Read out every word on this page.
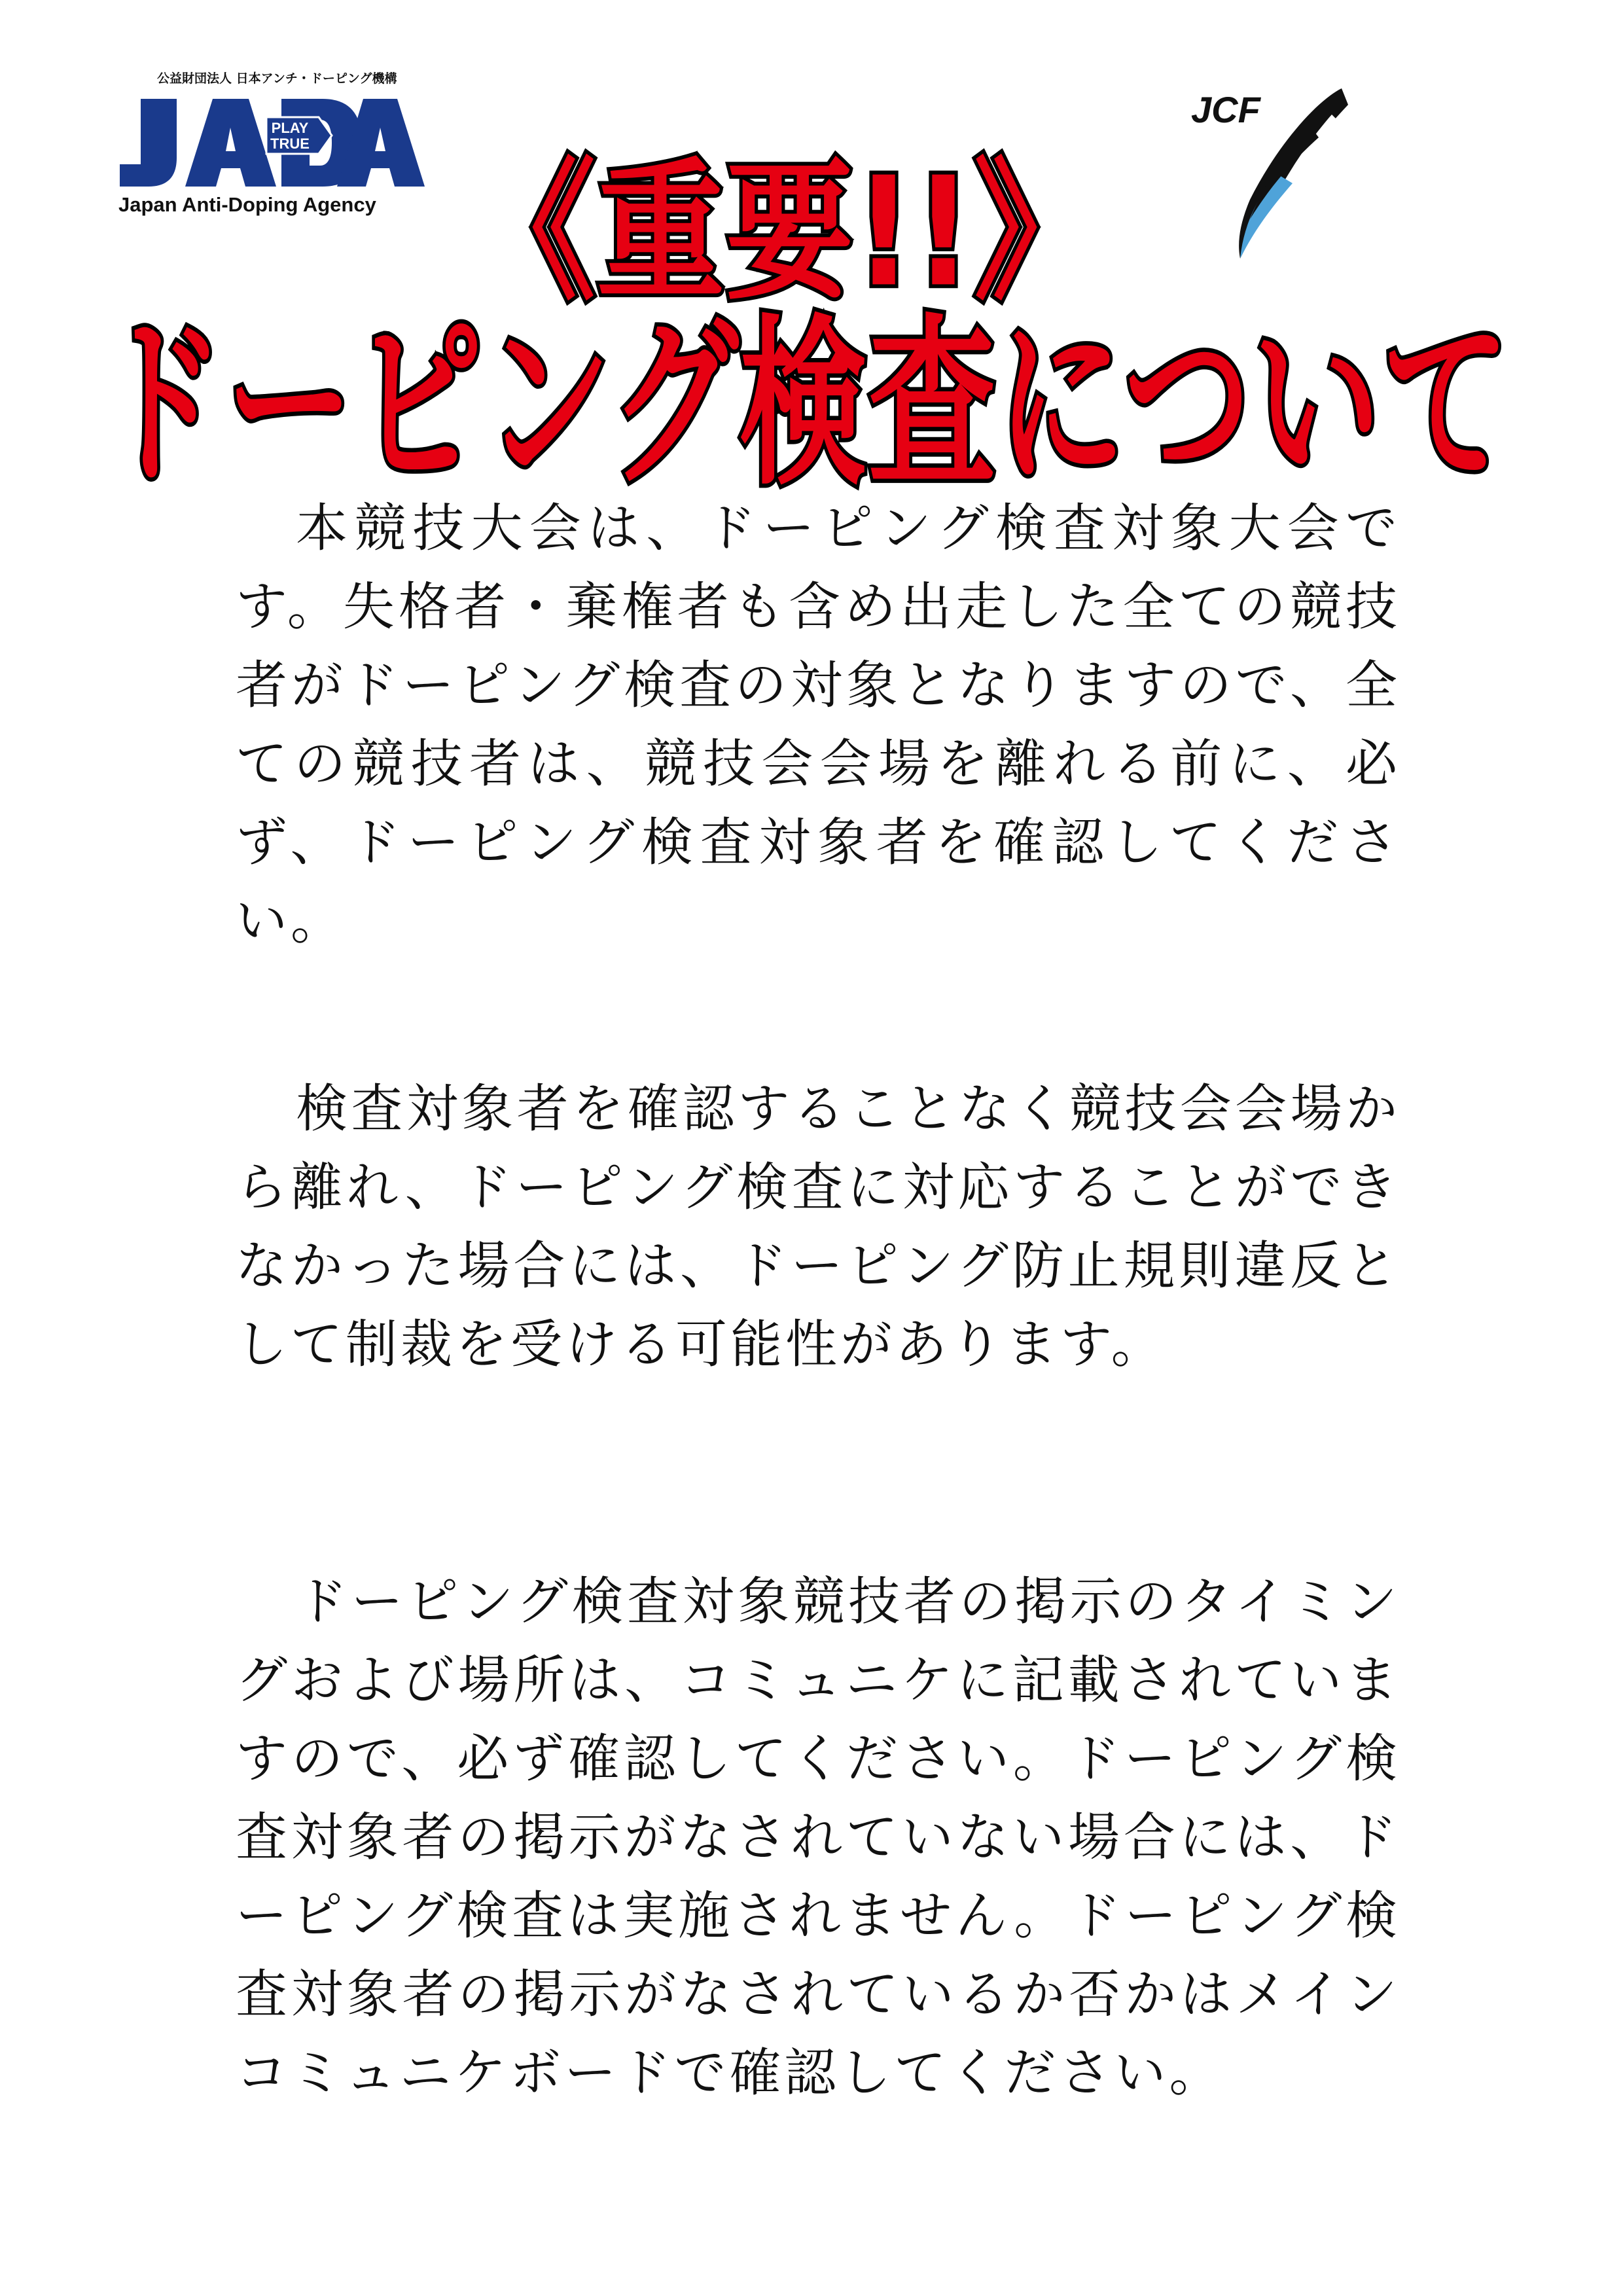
公益財団法人 日本アンチ・ドーピング機構
PLAY
TRUE
Japan Anti-Doping Agency
JCF
《重要!!》
ドーピング検査について

本競技大会は、ドーピング検査対象大会です。失格者・棄権者も含め出走した全ての競技者がドーピング検査の対象となりますので、全ての競技者は、競技会会場を離れる前に、必ず、ドーピング検査対象者を確認してください。

検査対象者を確認することなく競技会会場から離れ、ドーピング検査に対応することができなかった場合には、ドーピング防止規則違反として制裁を受ける可能性があります。

ドーピング検査対象競技者の掲示のタイミングおよび場所は、コミュニケに記載されていますので、必ず確認してください。ドーピング検査対象者の掲示がなされていない場合には、ドーピング検査は実施されません。ドーピング検査対象者の掲示がなされているか否かはメインコミュニケボードで確認してください。
